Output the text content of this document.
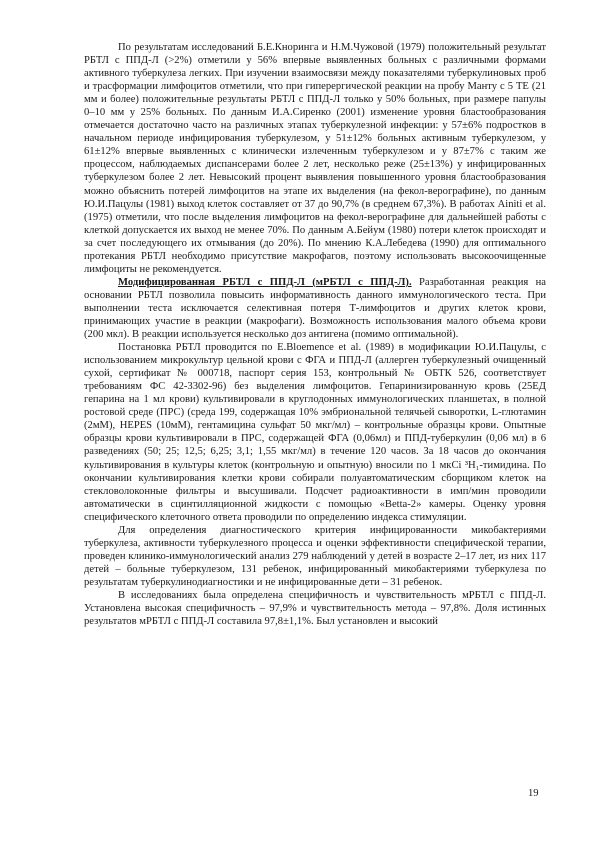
По результатам исследований Б.Е.Кноринга и Н.М.Чужовой (1979) положительный результат РБТЛ с ППД-Л (>2%) отметили у 56% впервые выявленных больных с различными формами активного туберкулеза легких. При изучении взаимосвязи между показателями туберкулиновых проб и трасформации лимфоцитов отметили, что при гиперергической реакции на пробу Манту с 5 ТЕ (21 мм и более) положительные результаты РБТЛ с ППД-Л только у 50% больных, при размере папулы 0–10 мм у 25% больных. По данным И.А.Сиренко (2001) изменение уровня бластообразования отмечается достаточно часто на различных этапах туберкулезной инфекции: у 57±6% подростков в начальном периоде инфицирования туберкулезом, у 51±12% больных активным туберкулезом, у 61±12% впервые выявленных с клинически излеченным туберкулезом и у 87±7% с таким же процессом, наблюдаемых диспансерами более 2 лет, несколько реже (25±13%) у инфицированных туберкулезом более 2 лет. Невысокий процент выявления повышенного уровня бластообразования можно объяснить потерей лимфоцитов на этапе их выделения (на фекол-верографине), по данным Ю.И.Пацулы (1981) выход клеток составляет от 37 до 90,7% (в среднем 67,3%). В работах Ainiti et al. (1975) отметили, что после выделения лимфоцитов на фекол-верографине для дальнейшей работы с клеткой допускается их выход не менее 70%. По данным А.Бейум (1980) потери клеток происходят и за счет последующего их отмывания (до 20%). По мнению К.А.Лебедева (1990) для оптимального протекания РБТЛ необходимо присутствие макрофагов, поэтому использовать высокоочищенные лимфоциты не рекомендуется.

Модифицированная РБТЛ с ППД-Л (мРБТЛ с ППД-Л). Разработанная реакция на основании РБТЛ позволила повысить информативность данного иммунологического теста. При выполнении теста исключается селективная потеря Т-лимфоцитов и других клеток крови, принимающих участие в реакции (макрофаги). Возможность использования малого объема крови (200 мкл). В реакции используется несколько доз антигена (помимо оптимальной).

Постановка РБТЛ проводится по E.Bloemence et al. (1989) в модификации Ю.И.Пацулы, с использованием микрокультур цельной крови с ФГА и ППД-Л (аллерген туберкулезный очищенный сухой, сертификат № 000718, паспорт серия 153, контрольный № ОБТК 526, соответствует требованиям ФС 42-3302-96) без выделения лимфоцитов. Гепаринизированную кровь (25ЕД гепарина на 1 мл крови) культивировали в круглодонных иммунологических планшетах, в полной ростовой среде (ПРС) (среда 199, содержащая 10% эмбриональной телячьей сыворотки, L-глютамин (2мМ), HEPES (10мМ), гентамицина сульфат 50 мкг/мл) – контрольные образцы крови. Опытные образцы крови культивировали в ПРС, содержащей ФГА (0,06мл) и ППД-туберкулин (0,06 мл) в 6 разведениях (50; 25; 12,5; 6,25; 3,1; 1,55 мкг/мл) в течение 120 часов. За 18 часов до окончания культивирования в культуры клеток (контрольную и опытную) вносили по 1 мкCi ³H₁-тимидина. По окончании культивирования клетки крови собирали полуавтоматическим сборщиком клеток на стекловолоконные фильтры и высушивали. Подсчет радиоактивности в имп/мин проводили автоматически в сцинтилляционной жидкости с помощью «Betta-2» камеры. Оценку уровня специфического клеточного ответа проводили по определению индекса стимуляции.

Для определения диагностического критерия инфицированности микобактериями туберкулеза, активности туберкулезного процесса и оценки эффективности специфической терапии, проведен клинико-иммунологический анализ 279 наблюдений у детей в возрасте 2–17 лет, из них 117 детей – больные туберкулезом, 131 ребенок, инфицированный микобактериями туберкулеза по результатам туберкулинодиагностики и не инфицированные дети – 31 ребенок.

В исследованиях была определена специфичность и чувствительность мРБТЛ с ППД-Л. Установлена высокая специфичность – 97,9% и чувствительность метода – 97,8%. Доля истинных результатов мРБТЛ с ППД-Л составила 97,8±1,1%. Был установлен и высокий

19
